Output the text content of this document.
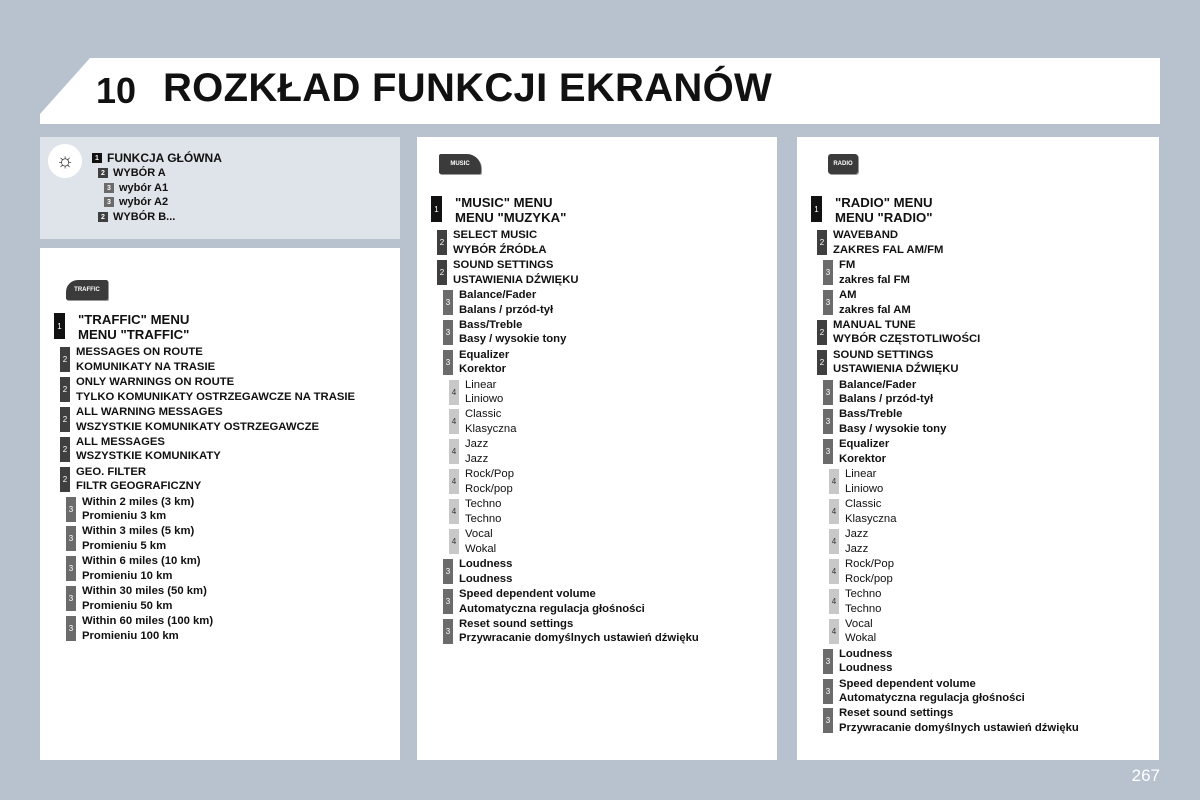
10 ROZKŁAD FUNKCJI EKRANÓW
☼	1 FUNKCJA GŁÓWNA
2 WYBÓR A
3 wybór A1
3 wybór A2
2 WYBÓR B...
TRAFFIC
1 "TRAFFIC" MENU
MENU "TRAFFIC"
2
MESSAGES ON ROUTE
KOMUNIKATY NA TRASIE
2
ONLY WARNINGS ON ROUTE
TYLKO KOMUNIKATY OSTRZEGAWCZE NA TRASIE
2
ALL WARNING MESSAGES
WSZYSTKIE KOMUNIKATY OSTRZEGAWCZE
2
ALL MESSAGES
WSZYSTKIE KOMUNIKATY
2
GEO. FILTER
FILTR GEOGRAFICZNY
3
Within 2 miles (3 km)
Promieniu 3 km
3
Within 3 miles (5 km)
Promieniu 5 km
3
Within 6 miles (10 km)
Promieniu 10 km
3
Within 30 miles (50 km)
Promieniu 50 km
3
Within 60 miles (100 km)
Promieniu 100 km
MUSIC
1 "MUSIC" MENU
MENU "MUZYKA"
2
SELECT MUSIC
WYBÓR ŹRÓDŁA
2
SOUND SETTINGS
USTAWIENIA DŹWIĘKU
3
Balance/Fader
Balans / przód-tył
3
Bass/Treble
Basy / wysokie tony
3
Equalizer
Korektor
4
Linear
Liniowo
4
Classic
Klasyczna
4
Jazz
Jazz
4
Rock/Pop
Rock/pop
4
Techno
Techno
4
Vocal
Wokal
3
Loudness
Loudness
3
Speed dependent volume
Automatyczna regulacja głośności
3
Reset sound settings
Przywracanie domyślnych ustawień dźwięku
RADIO
1 "RADIO" MENU
MENU "RADIO"
2
WAVEBAND
ZAKRES FAL AM/FM
3
FM
zakres fal FM
3
AM
zakres fal AM
2
MANUAL TUNE
WYBÓR CZĘSTOTLIWOŚCI
2
SOUND SETTINGS
USTAWIENIA DŹWIĘKU
3
Balance/Fader
Balans / przód-tył
3
Bass/Treble
Basy / wysokie tony
3
Equalizer
Korektor
4
Linear
Liniowo
4
Classic
Klasyczna
4
Jazz
Jazz
4
Rock/Pop
Rock/pop
4
Techno
Techno
4
Vocal
Wokal
3
Loudness
Loudness
3
Speed dependent volume
Automatyczna regulacja głośności
3
Reset sound settings
Przywracanie domyślnych ustawień dźwięku
267
